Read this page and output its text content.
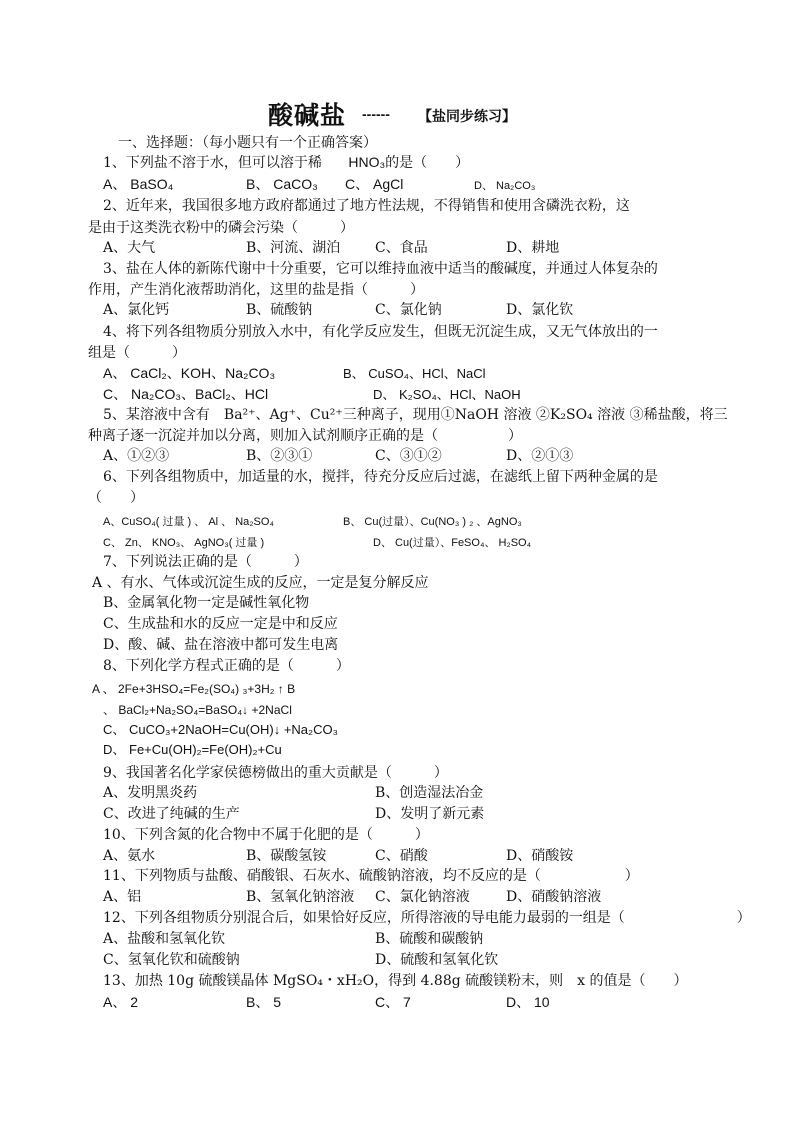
酸碱盐 ------ 【盐同步练习】
一、选择题：（每小题只有一个正确答案）
1、下列盐不溶于水，但可以溶于稀 HNO₃的是（　　）
A、 BaSO₄	B、 CaCO₃ C、 AgCl	D、 Na₂CO₃
2、近年来，我国很多地方政府都通过了地方性法规，不得销售和使用含磷洗衣粉，这
是由于这类洗衣粉中的磷会污染（　　　）
A、大气	B、河流、湖泊 C、食品	D、耕地
3、盐在人体的新陈代谢中十分重要，它可以维持血液中适当的酸碱度，并通过人体复杂的
作用，产生消化液帮助消化，这里的盐是指（　　　）
A、氯化钙	B、硫酸钠	C、氯化钠	D、氯化钦
4、将下列各组物质分别放入水中，有化学反应发生，但既无沉淀生成，又无气体放出的一
组是（　　　）
A、 CaCl₂、KOH、Na₂CO₃	B、 CuSO₄、HCl、NaCl
C、 Na₂CO₃、BaCl₂、HCl	D、 K₂SO₄、HCl、NaOH
5、某溶液中含有　Ba²⁺、Ag⁺、Cu²⁺三种离子，现用①NaOH 溶液 ②K₂SO₄ 溶液 ③稀盐酸，将三
种离子逐一沉淀并加以分离，则加入试剂顺序正确的是（　　　　　）
A、①②③	B、②③①	C、③①②	D、②①③
6、下列各组物质中，加适量的水，搅拌，待充分反应后过滤，在滤纸上留下两种金属的是
（　　）
A、CuSO₄( 过量 ) 、 Al 、 Na₂SO₄	B、 Cu(过量）、Cu(NO₃ ) ₂ 、AgNO₃
C、 Zn、 KNO₃、 AgNO₃( 过量 )	D、 Cu(过量）、FeSO₄、 H₂SO₄
7、下列说法正确的是（　　　）
A 、有水、气体或沉淀生成的反应，一定是复分解反应
B、金属氧化物一定是碱性氧化物
C、生成盐和水的反应一定是中和反应
D、酸、碱、盐在溶液中都可发生电离
8、下列化学方程式正确的是（　　　）
A 、 2Fe+3HSO₄=Fe₂(SO₄) ₃+3H₂ ↑ B
、 BaCl₂+Na₂SO₄=BaSO₄↓ +2NaCl
C、 CuCO₃+2NaOH=Cu(OH)↓ +Na₂CO₃
D、 Fe+Cu(OH)₂=Fe(OH)₂+Cu
9、我国著名化学家侯德榜做出的重大贡献是（　　　）
A、发明黑炎药	B、创造湿法冶金
C、改进了纯碱的生产	D、发明了新元素
10、下列含氮的化合物中不属于化肥的是（　　　）
A、氨水	B、碳酸氢铵	C、硝酸	D、硝酸铵
11、下列物质与盐酸、硝酸银、石灰水、硫酸钠溶液，均不反应的是（　　　　　　）
A、铝	B、氢氧化钠溶液 C、氯化钠溶液	D、硝酸钠溶液
12、下列各组物质分别混合后，如果恰好反应，所得溶液的导电能力最弱的一组是（　　　　　　　　）
A、盐酸和氢氧化钦	B、硫酸和碳酸钠
C、氢氧化钦和硫酸钠	D、硫酸和氢氧化钦
13、加热 10g 硫酸镁晶体 MgSO₄・xH₂O，得到 4.88g 硫酸镁粉末，则　x 的值是（　　）
A、 2	B、 5	C、 7	D、 10
